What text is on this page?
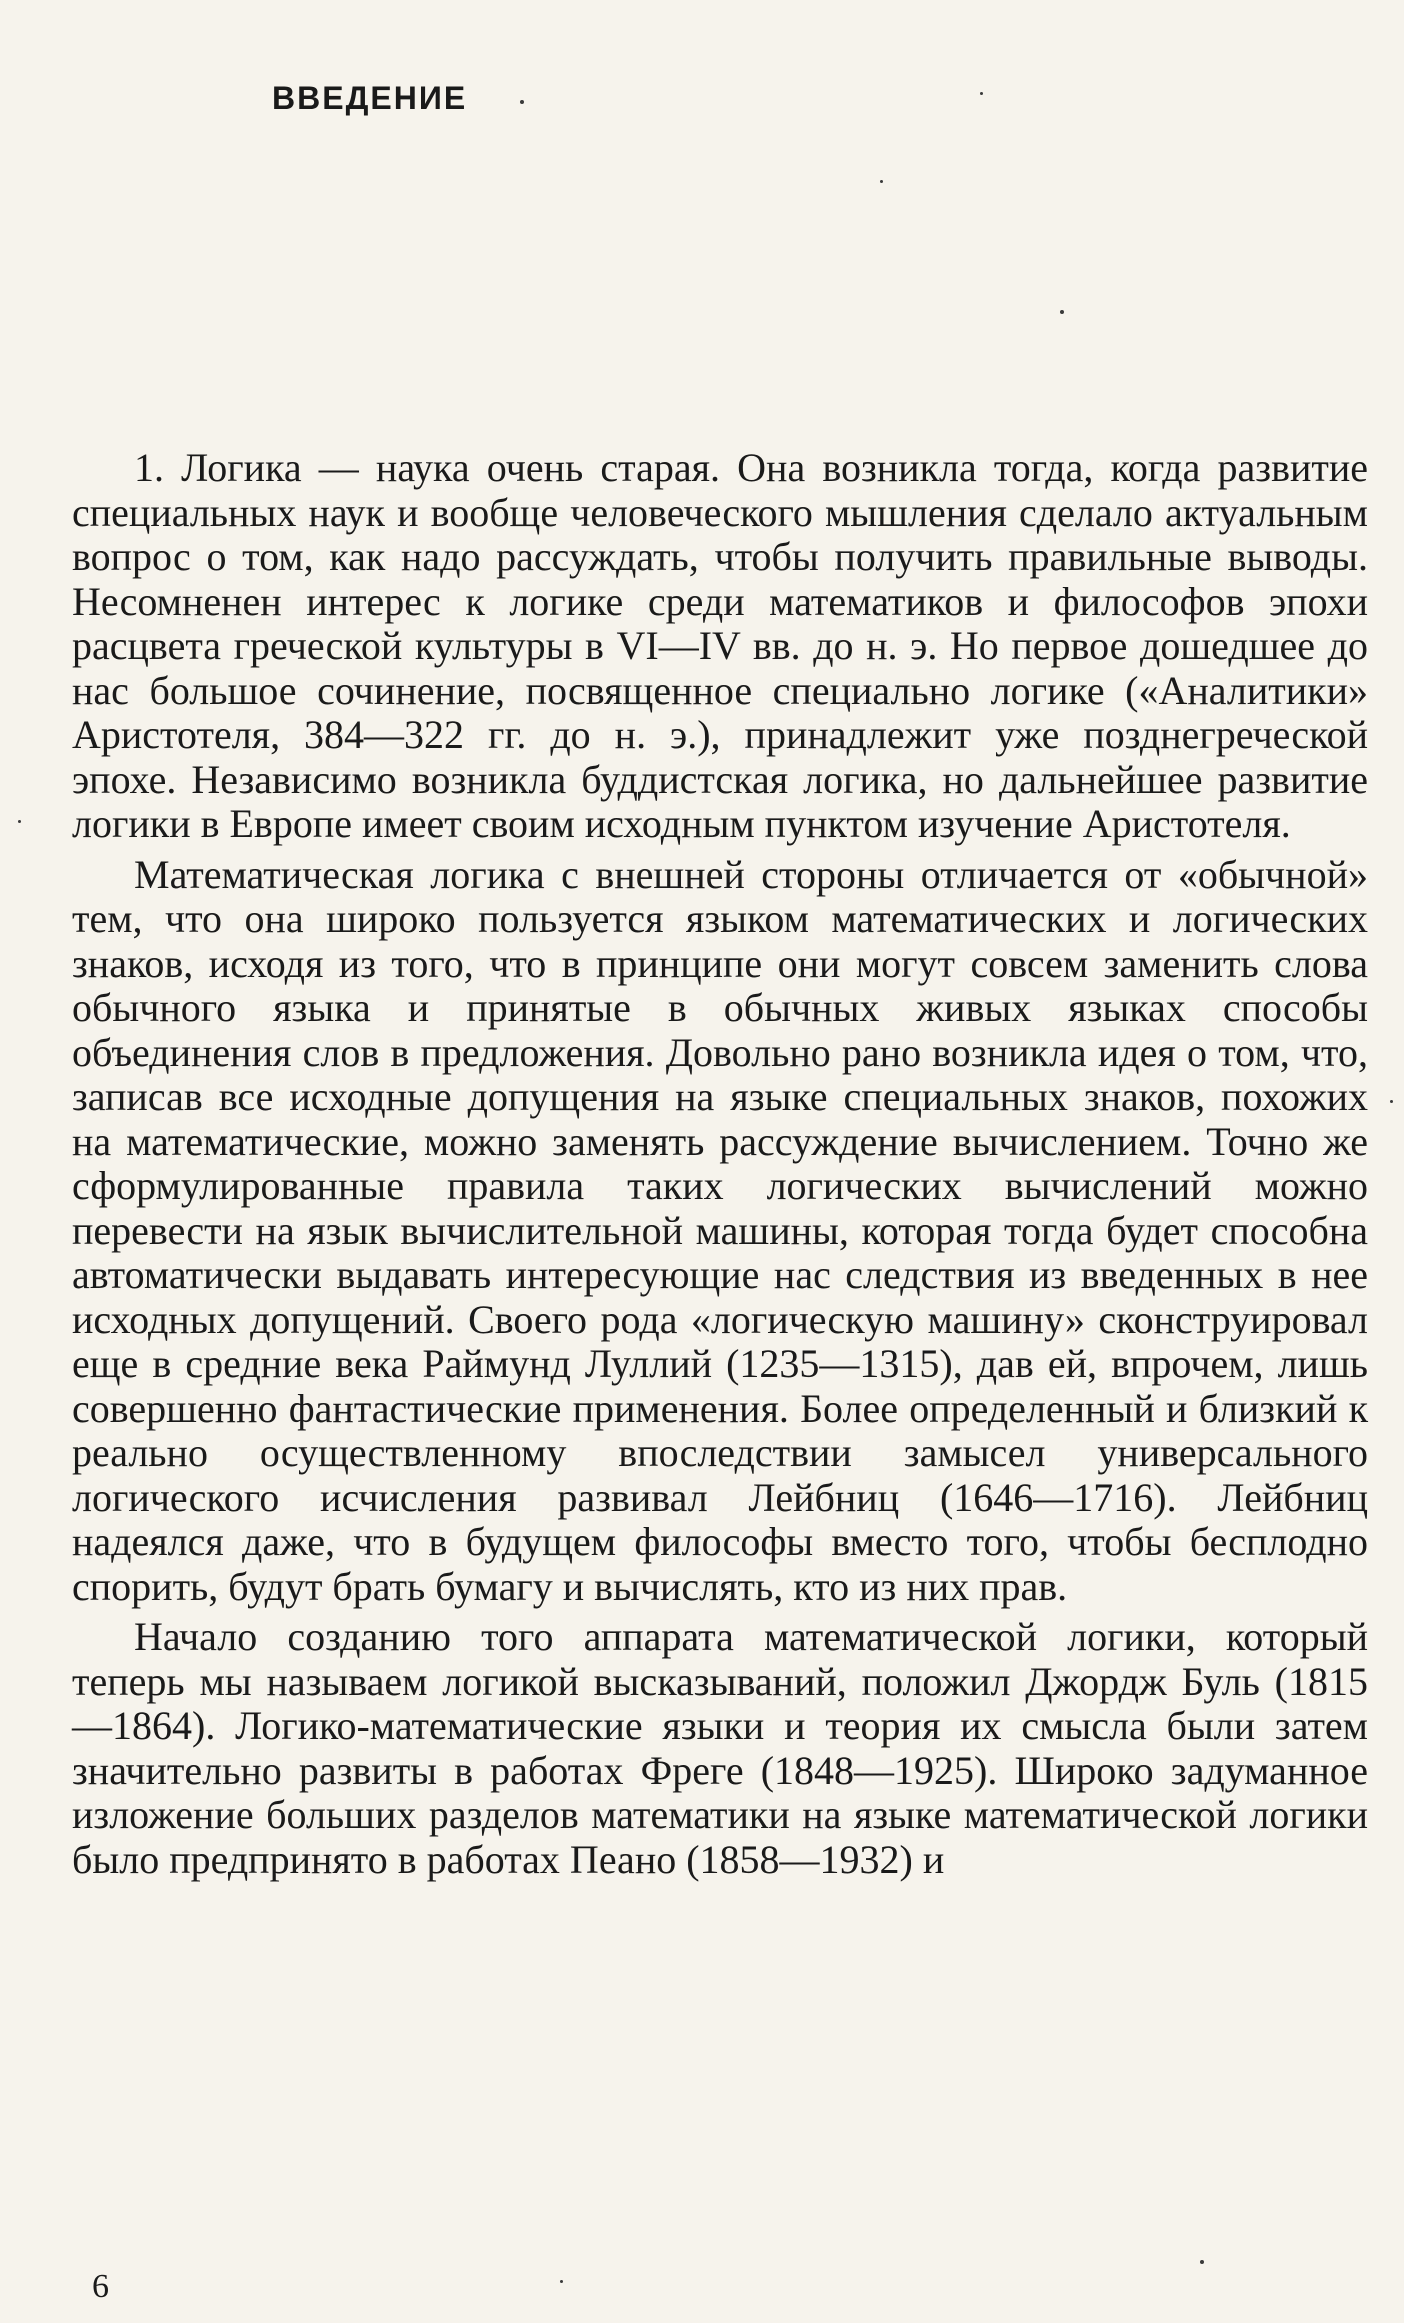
ВВЕДЕНИЕ

1. Логика — наука очень старая. Она возникла тогда, когда развитие специальных наук и вообще человеческого мышления сделало актуальным вопрос о том, как надо рассуждать, чтобы получить правильные выводы. Несомненен интерес к логике среди математиков и философов эпохи расцвета греческой культуры в VI—IV вв. до н. э. Но первое дошедшее до нас большое сочинение, посвященное специально логике («Аналитики» Аристотеля, 384—322 гг. до н. э.), принадлежит уже позднегреческой эпохе. Независимо возникла буддистская логика, но дальнейшее развитие логики в Европе имеет своим исходным пунктом изучение Аристотеля.

Математическая логика с внешней стороны отличается от «обычной» тем, что она широко пользуется языком математических и логических знаков, исходя из того, что в принципе они могут совсем заменить слова обычного языка и принятые в обычных живых языках способы объединения слов в предложения. Довольно рано возникла идея о том, что, записав все исходные допущения на языке специальных знаков, похожих на математические, можно заменять рассуждение вычислением. Точно же сформулированные правила таких логических вычислений можно перевести на язык вычислительной машины, которая тогда будет способна автоматически выдавать интересующие нас следствия из введенных в нее исходных допущений. Своего рода «логическую машину» сконструировал еще в средние века Раймунд Луллий (1235—1315), дав ей, впрочем, лишь совершенно фантастические применения. Более определенный и близкий к реально осуществленному впоследствии замысел универсального логического исчисления развивал Лейбниц (1646—1716). Лейбниц надеялся даже, что в будущем философы вместо того, чтобы бесплодно спорить, будут брать бумагу и вычислять, кто из них прав.

Начало созданию того аппарата математической логики, который теперь мы называем логикой высказываний, положил Джордж Буль (1815—1864). Логико-математические языки и теория их смысла были затем значительно развиты в работах Фреге (1848—1925). Широко задуманное изложение больших разделов математики на языке математической логики было предпринято в работах Пеано (1858—1932) и

6
